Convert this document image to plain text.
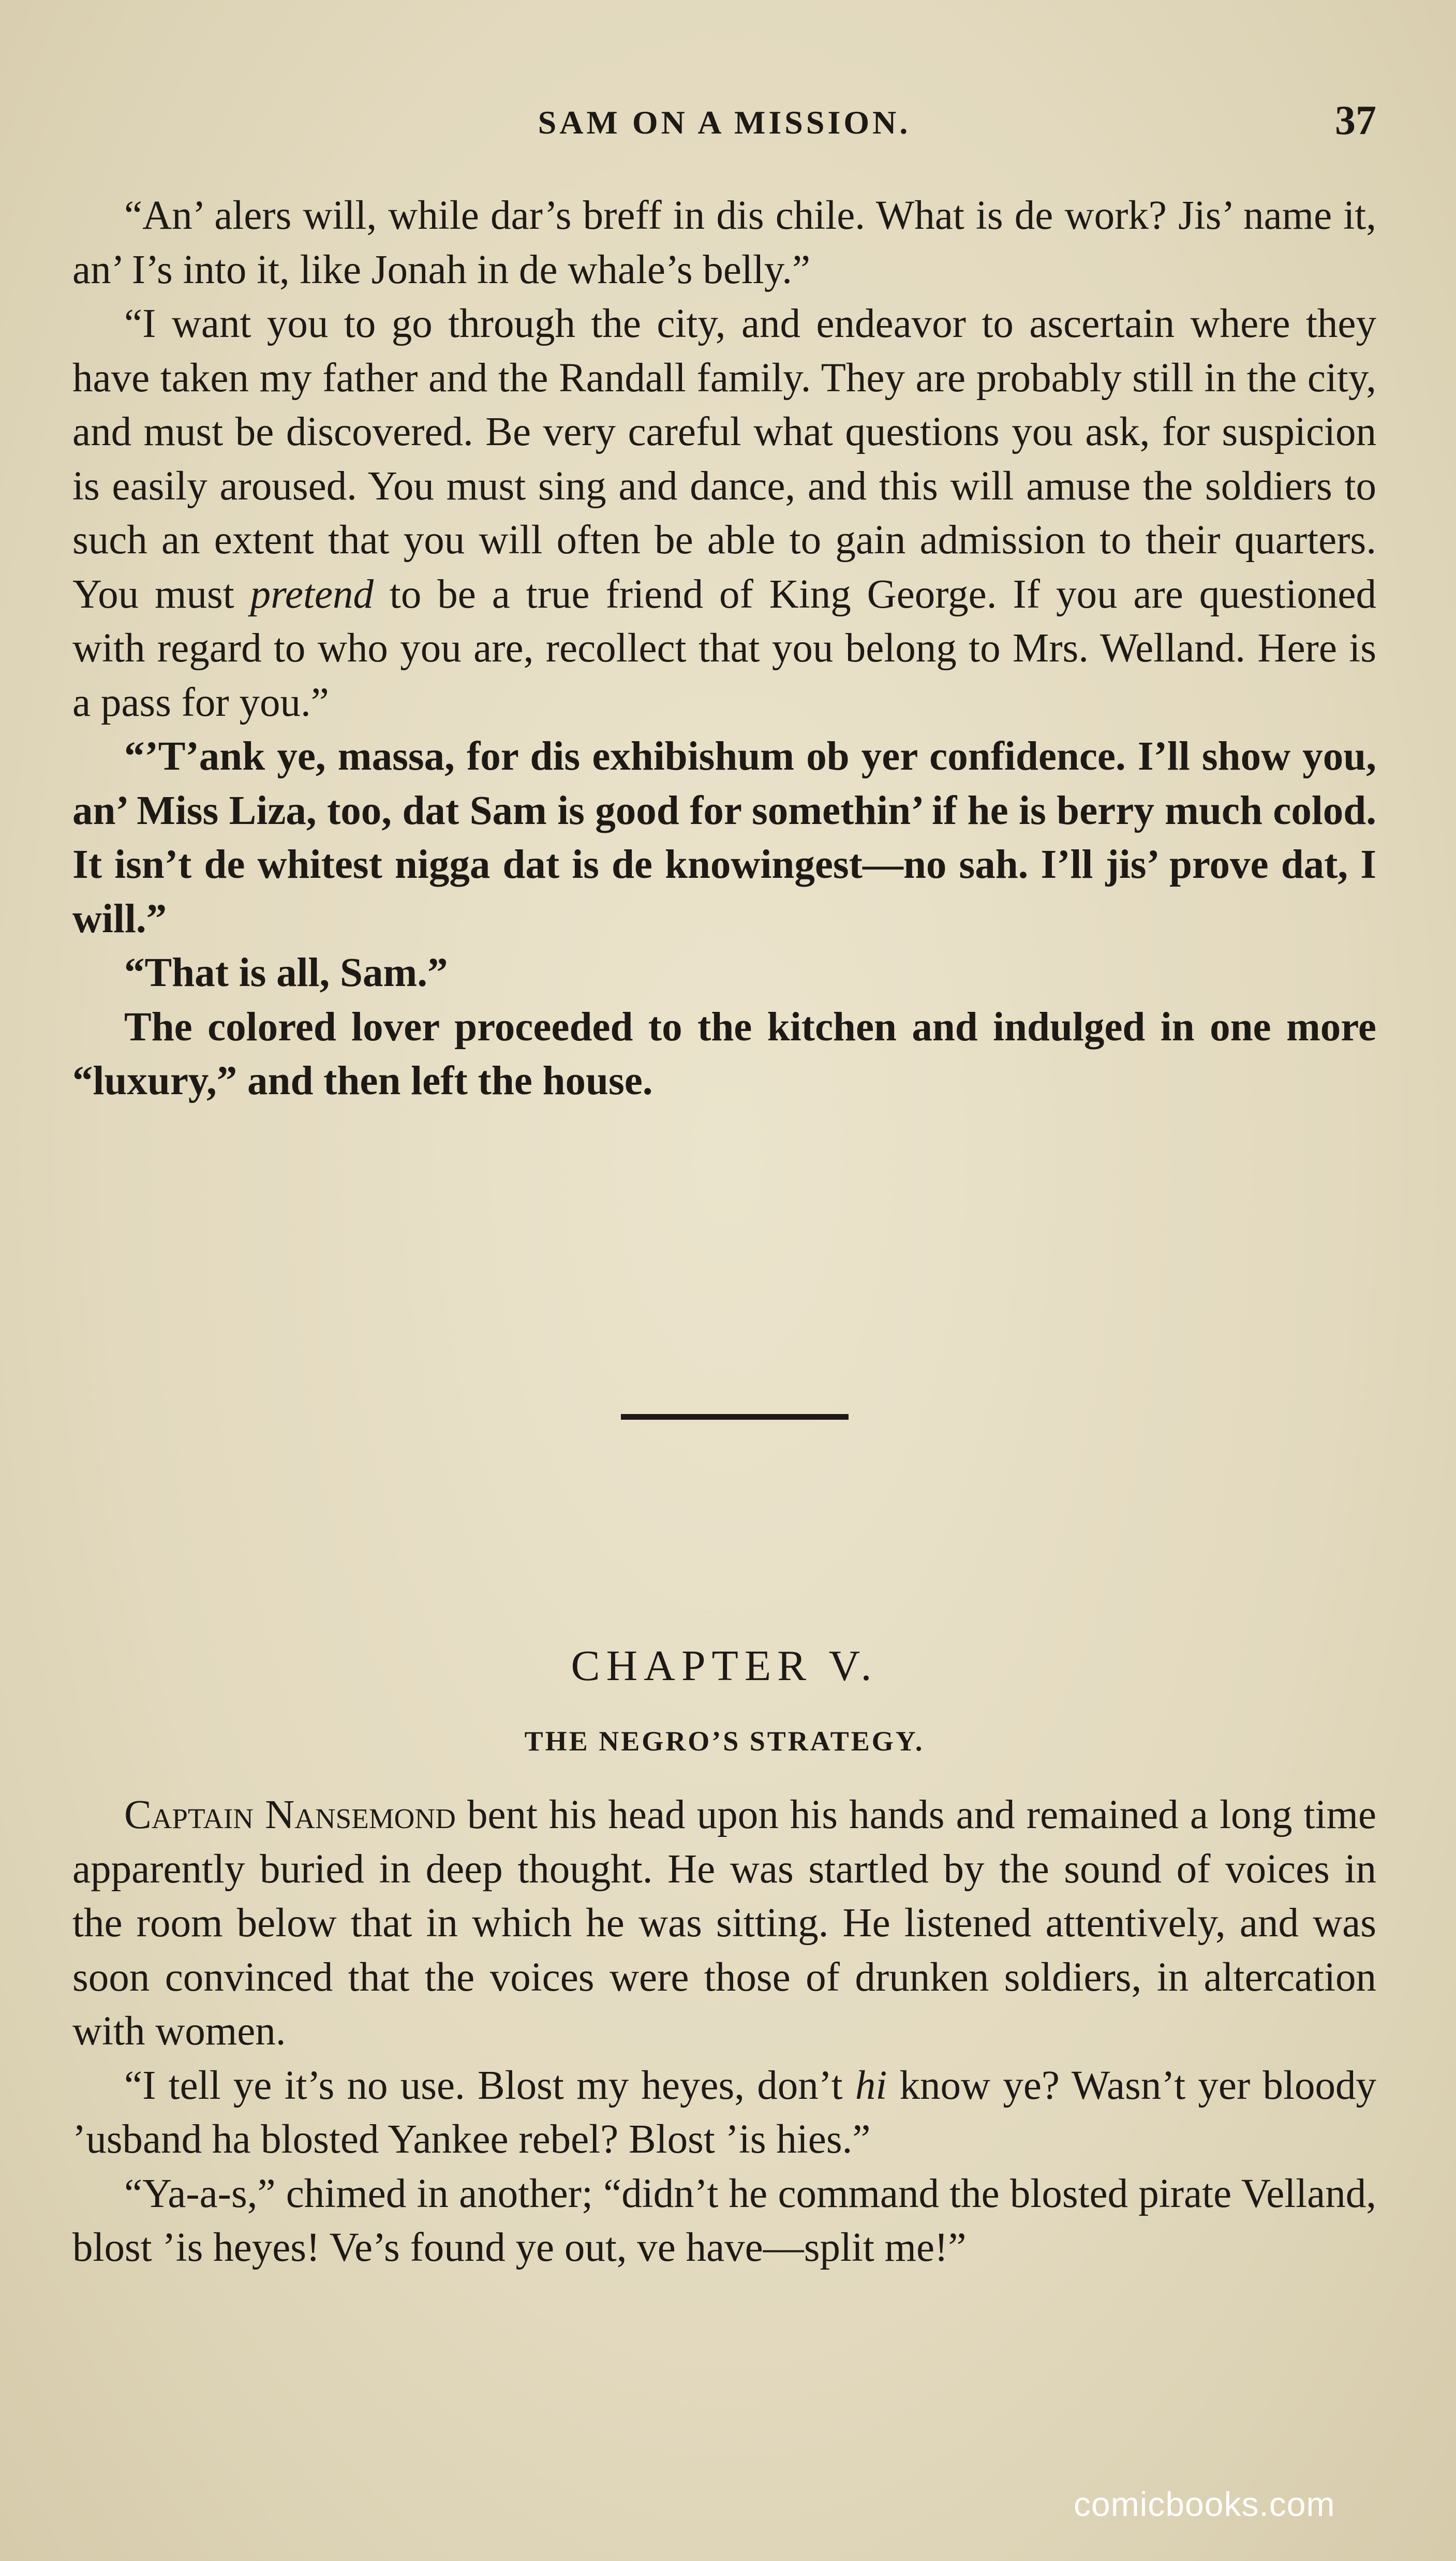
SAM ON A MISSION.	37

“An’ alers will, while dar’s breff in dis chile. What is de work? Jis’ name it, an’ I’s into it, like Jonah in de whale’s belly.”

“I want you to go through the city, and endeavor to ascertain where they have taken my father and the Randall family. They are probably still in the city, and must be discovered. Be very careful what questions you ask, for suspicion is easily aroused. You must sing and dance, and this will amuse the soldiers to such an extent that you will often be able to gain admission to their quarters. You must pretend to be a true friend of King George. If you are questioned with regard to who you are, recollect that you belong to Mrs. Welland. Here is a pass for you.”

“’T’ank ye, massa, for dis exhibishum ob yer confidence. I’ll show you, an’ Miss Liza, too, dat Sam is good for somethin’ if he is berry much colod. It isn’t de whitest nigga dat is de knowingest—no sah. I’ll jis’ prove dat, I will.”

“That is all, Sam.”

The colored lover proceeded to the kitchen and indulged in one more “luxury,” and then left the house.

CHAPTER V.
THE NEGRO’S STRATEGY.

Captain Nansemond bent his head upon his hands and remained a long time apparently buried in deep thought. He was startled by the sound of voices in the room below that in which he was sitting. He listened attentively, and was soon convinced that the voices were those of drunken soldiers, in altercation with women.

“I tell ye it’s no use. Blost my heyes, don’t hi know ye? Wasn’t yer bloody ’usband ha blosted Yankee rebel? Blost ’is hies.”

“Ya-a-s,” chimed in another; “didn’t he command the blosted pirate Velland, blost ’is heyes! Ve’s found ye out, ve have—split me!”

comicbooks.com
